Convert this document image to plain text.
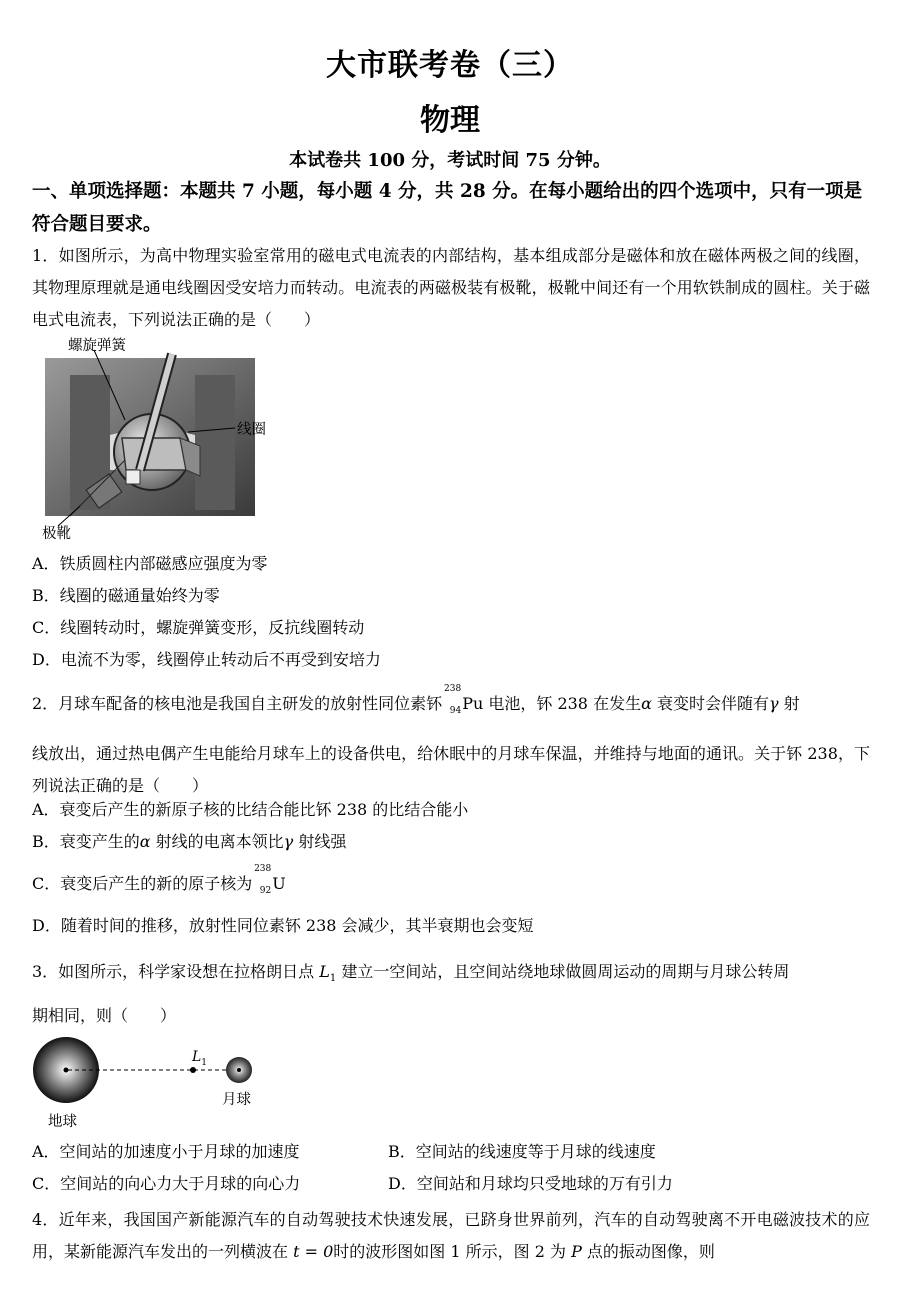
大市联考卷（三）
物理
本试卷共 100 分，考试时间 75 分钟。
一、单项选择题：本题共 7 小题，每小题 4 分，共 28 分。在每小题给出的四个选项中，只有一项是符合题目要求。
1．如图所示，为高中物理实验室常用的磁电式电流表的内部结构，基本组成部分是磁体和放在磁体两极之间的线圈，其物理原理就是通电线圈因受安培力而转动。电流表的两磁极装有极靴，极靴中间还有一个用软铁制成的圆柱。关于磁电式电流表，下列说法正确的是（　　）
螺旋弹簧
线圈
极靴
A．铁质圆柱内部磁感应强度为零
B．线圈的磁通量始终为零
C．线圈转动时，螺旋弹簧变形，反抗线圈转动
D．电流不为零，线圈停止转动后不再受到安培力
2．月球车配备的核电池是我国自主研发的放射性同位素钚
238
94 Pu 电池，钚 238 在发生α 衰变时会伴随有γ 射
线放出，通过热电偶产生电能给月球车上的设备供电，给休眠中的月球车保温，并维持与地面的通讯。关于钚 238，下列说法正确的是（　　）
A．衰变后产生的新原子核的比结合能比钚 238 的比结合能小
B．衰变产生的α 射线的电离本领比γ 射线强
C．衰变后产生的新的原子核为
238
92 U
D．随着时间的推移，放射性同位素钚 238 会减少，其半衰期也会变短
3．如图所示，科学家设想在拉格朗日点 $L_1$ 建立一空间站，且空间站绕地球做圆周运动的周期与月球公转周
期相同，则（　　）
$L_1$
地球
月球
A．空间站的加速度小于月球的加速度	B．空间站的线速度等于月球的线速度
C．空间站的向心力大于月球的向心力	D．空间站和月球均只受地球的万有引力
4．近年来，我国国产新能源汽车的自动驾驶技术快速发展，已跻身世界前列，汽车的自动驾驶离不开电磁波技术的应用，某新能源汽车发出的一列横波在 t = 0时的波形图如图 1 所示，图 2 为 P 点的振动图像，则
